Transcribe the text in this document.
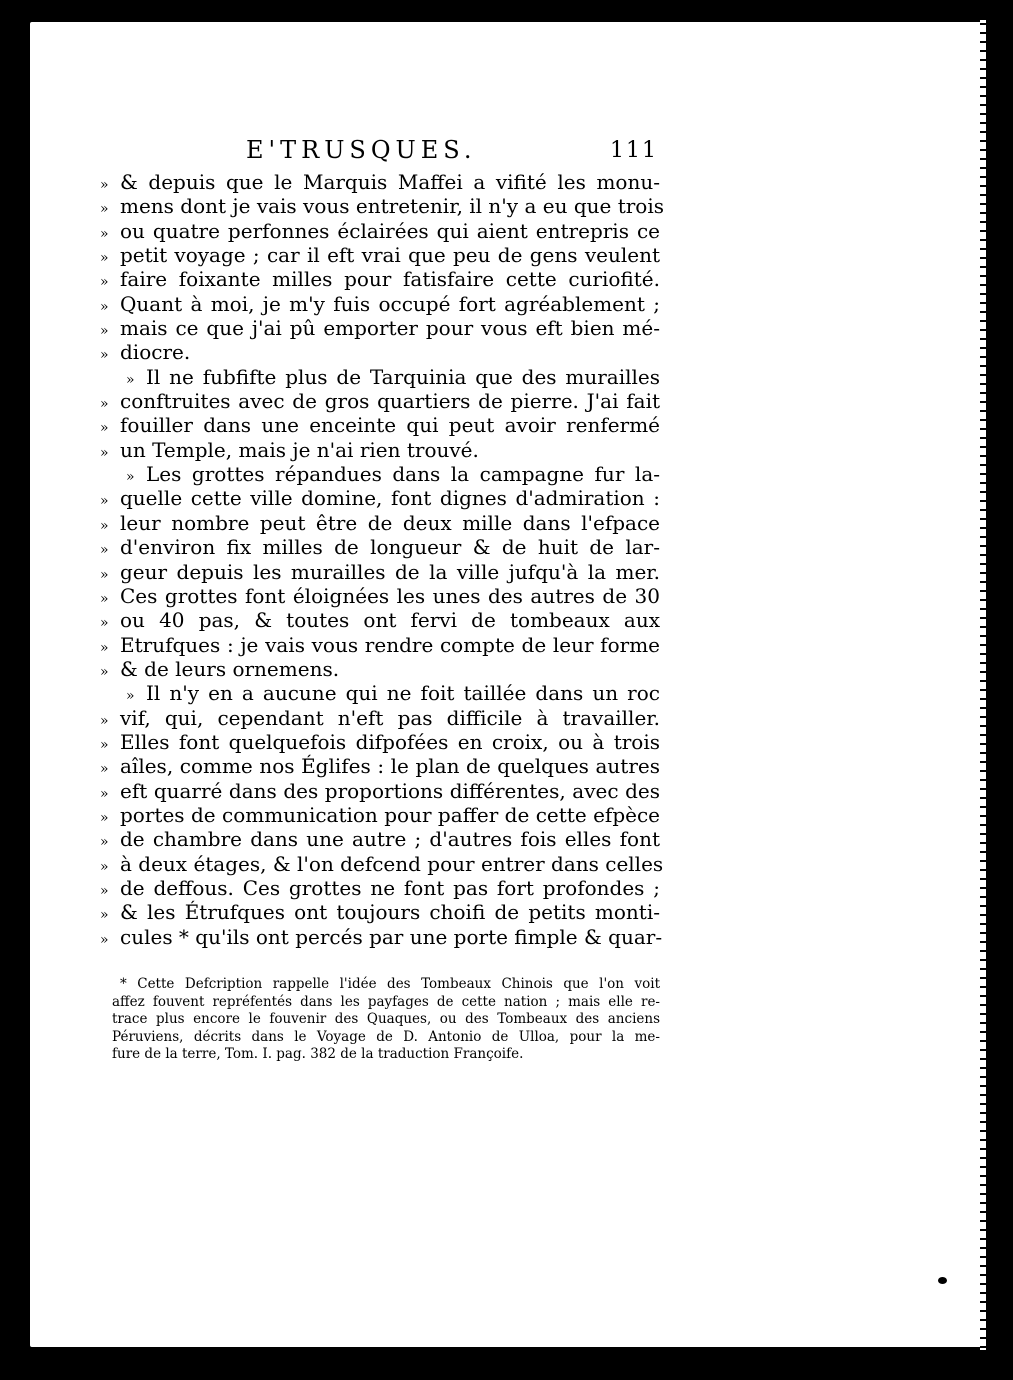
E'TRUSQUES.	111
» & depuis que le Marquis Maffei a vifité les monu-
» mens dont je vais vous entretenir, il n'y a eu que trois
» ou quatre perfonnes éclairées qui aient entrepris ce
» petit voyage ; car il eft vrai que peu de gens veulent
» faire foixante milles pour fatisfaire cette curiofité.
» Quant à moi, je m'y fuis occupé fort agréablement ;
» mais ce que j'ai pû emporter pour vous eft bien mé-
» diocre.
» Il ne fubfifte plus de Tarquinia que des murailles
» conftruites avec de gros quartiers de pierre. J'ai fait
» fouiller dans une enceinte qui peut avoir renfermé
» un Temple, mais je n'ai rien trouvé.
» Les grottes répandues dans la campagne fur la-
» quelle cette ville domine, font dignes d'admiration :
» leur nombre peut être de deux mille dans l'efpace
» d'environ fix milles de longueur & de huit de lar-
» geur depuis les murailles de la ville jufqu'à la mer.
» Ces grottes font éloignées les unes des autres de 30
» ou 40 pas, & toutes ont fervi de tombeaux aux
» Etrufques : je vais vous rendre compte de leur forme
» & de leurs ornemens.
» Il n'y en a aucune qui ne foit taillée dans un roc
» vif, qui, cependant n'eft pas difficile à travailler.
» Elles font quelquefois difpofées en croix, ou à trois
» aîles, comme nos Églifes : le plan de quelques autres
» eft quarré dans des proportions différentes, avec des
» portes de communication pour paffer de cette efpèce
» de chambre dans une autre ; d'autres fois elles font
» à deux étages, & l'on defcend pour entrer dans celles
» de deffous. Ces grottes ne font pas fort profondes ;
» & les Étrufques ont toujours choifi de petits monti-
» cules * qu'ils ont percés par une porte fimple & quar-
* Cette Defcription rappelle l'idée des Tombeaux Chinois que l'on voit
affez fouvent repréfentés dans les payfages de cette nation ; mais elle re-
trace plus encore le fouvenir des Quaques, ou des Tombeaux des anciens
Péruviens, décrits dans le Voyage de D. Antonio de Ulloa, pour la me-
fure de la terre, Tom. I. pag. 382 de la traduction Françoife.
